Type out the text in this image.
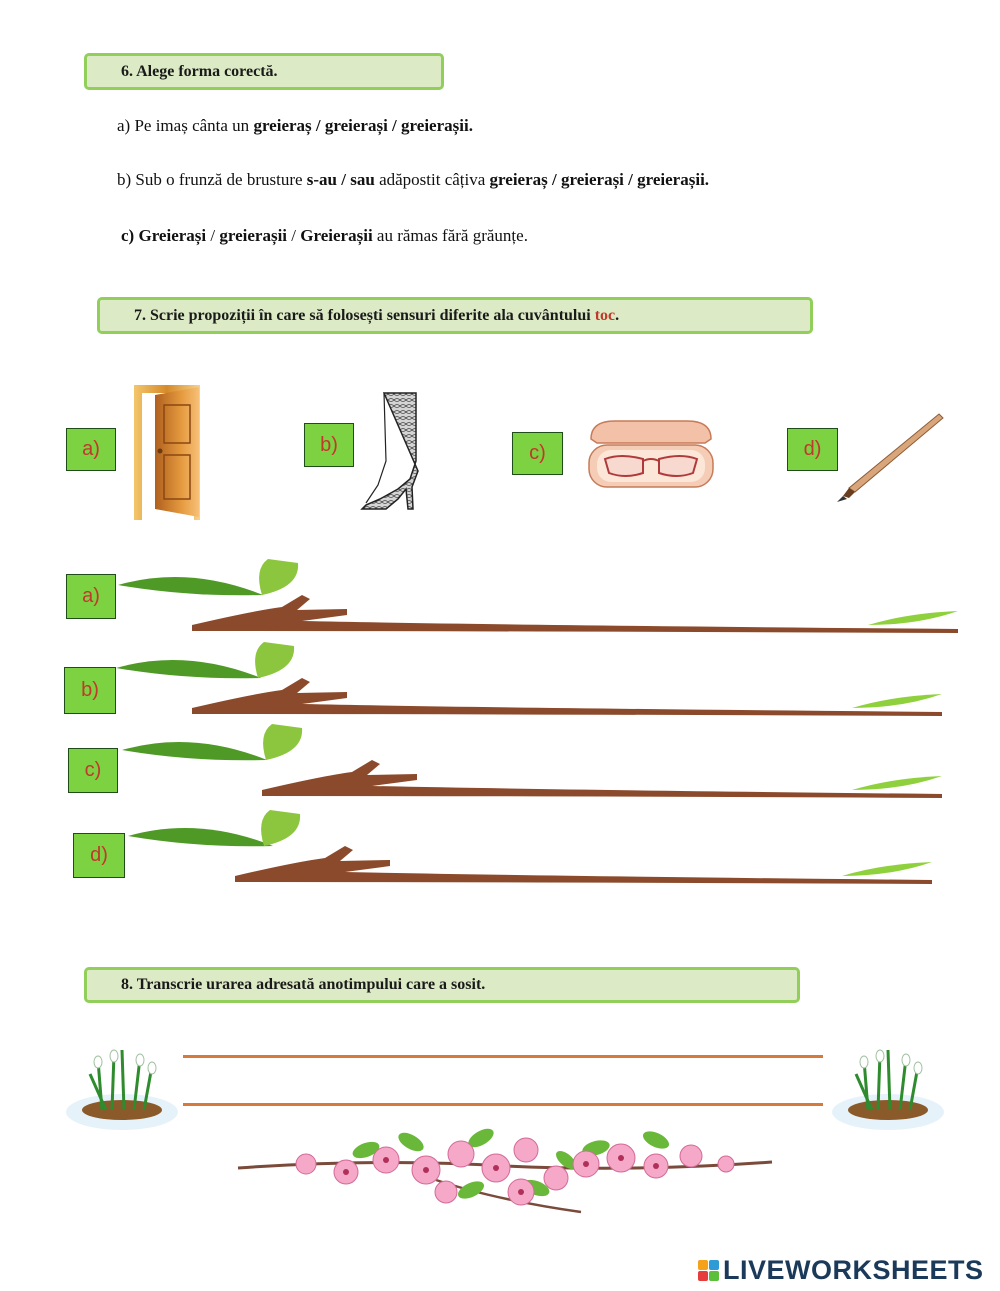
6. Alege forma corectă.
a) Pe imaș cânta un greieraș / greierași / greierașii.
b) Sub o frunză de brusture s-au / sau adăpostit câțiva greieraș / greierași / greierașii.
c) Greierași / greierașii / Greierașii au rămas fără grăunțe.
7. Scrie propoziții în care să folosești sensuri diferite ala cuvântului toc.
a)	b)	c)	d)
a)
b)
c)
d)
8. Transcrie urarea adresată anotimpului care a sosit.
LIVEWORKSHEETS
